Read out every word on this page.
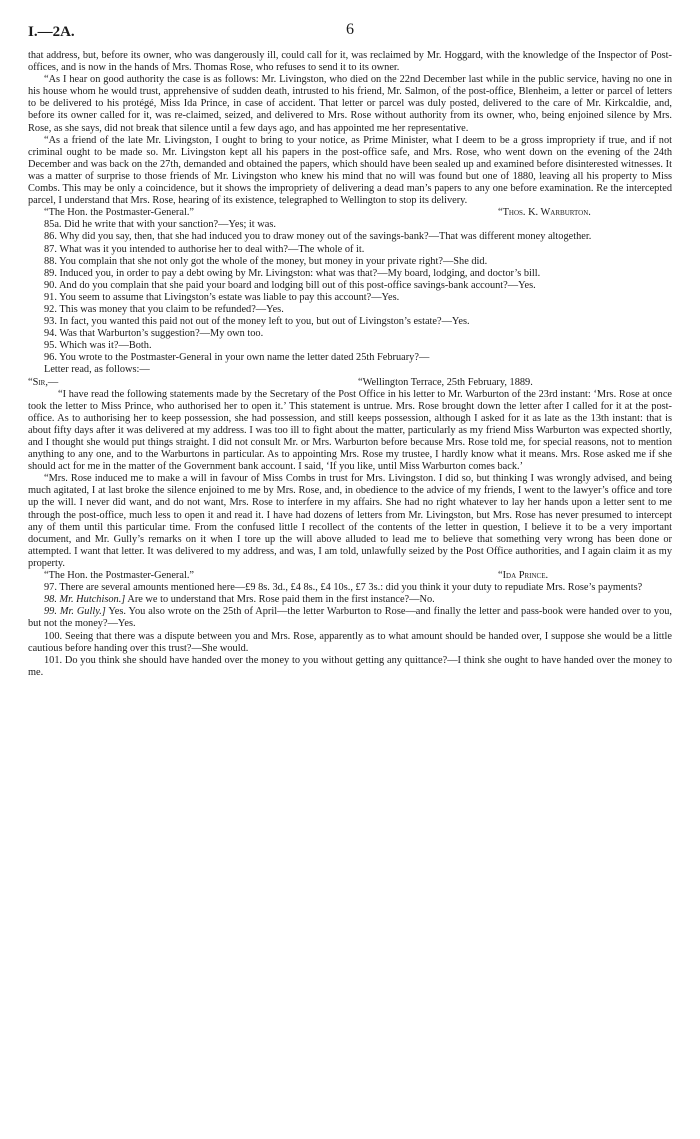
I.—2A.	6

that address, but, before its owner, who was dangerously ill, could call for it, was reclaimed by Mr. Hoggard, with the knowledge of the Inspector of Post-offices, and is now in the hands of Mrs. Thomas Rose, who refuses to send it to its owner.

“As I hear on good authority the case is as follows: Mr. Livingston, who died on the 22nd December last while in the public service, having no one in his house whom he would trust, apprehensive of sudden death, intrusted to his friend, Mr. Salmon, of the post-office, Blenheim, a letter or parcel of letters to be delivered to his protégé, Miss Ida Prince, in case of accident. That letter or parcel was duly posted, delivered to the care of Mr. Kirkcaldie, and, before its owner called for it, was re-claimed, seized, and delivered to Mrs. Rose without authority from its owner, who, being enjoined silence by Mrs. Rose, as she says, did not break that silence until a few days ago, and has appointed me her representative.

“As a friend of the late Mr. Livingston, I ought to bring to your notice, as Prime Minister, what I deem to be a gross impropriety if true, and if not criminal ought to be made so. Mr. Livingston kept all his papers in the post-office safe, and Mrs. Rose, who went down on the evening of the 24th December and was back on the 27th, demanded and obtained the papers, which should have been sealed up and examined before disinterested witnesses. It was a matter of surprise to those friends of Mr. Livingston who knew his mind that no will was found but one of 1880, leaving all his property to Miss Combs. This may be only a coincidence, but it shows the impropriety of delivering a dead man’s papers to any one before examination. Re the intercepted parcel, I understand that Mrs. Rose, hearing of its existence, telegraphed to Wellington to stop its delivery.

“The Hon. the Postmaster-General.”	“Thos. K. Warburton.

85a. Did he write that with your sanction?—Yes; it was.

86. Why did you say, then, that she had induced you to draw money out of the savings-bank?—That was different money altogether.

87. What was it you intended to authorise her to deal with?—The whole of it.

88. You complain that she not only got the whole of the money, but money in your private right?—She did.

89. Induced you, in order to pay a debt owing by Mr. Livingston: what was that?—My board, lodging, and doctor’s bill.

90. And do you complain that she paid your board and lodging bill out of this post-office savings-bank account?—Yes.

91. You seem to assume that Livingston’s estate was liable to pay this account?—Yes.

92. This was money that you claim to be refunded?—Yes.

93. In fact, you wanted this paid not out of the money left to you, but out of Livingston’s estate?—Yes.

94. Was that Warburton’s suggestion?—My own too.

95. Which was it?—Both.

96. You wrote to the Postmaster-General in your own name the letter dated 25th February?—

Letter read, as follows:—

“Sir,—	“Wellington Terrace, 25th February, 1889.

“I have read the following statements made by the Secretary of the Post Office in his letter to Mr. Warburton of the 23rd instant: ‘Mrs. Rose at once took the letter to Miss Prince, who authorised her to open it.’ This statement is untrue. Mrs. Rose brought down the letter after I called for it at the post-office. As to authorising her to keep possession, she had possession, and still keeps possession, although I asked for it as late as the 13th instant: that is about fifty days after it was delivered at my address. I was too ill to fight about the matter, particularly as my friend Miss Warburton was expected shortly, and I thought she would put things straight. I did not consult Mr. or Mrs. Warburton before because Mrs. Rose told me, for special reasons, not to mention anything to any one, and to the Warburtons in particular. As to appointing Mrs. Rose my trustee, I hardly know what it means. Mrs. Rose asked me if she should act for me in the matter of the Government bank account. I said, ‘If you like, until Miss Warburton comes back.’

“Mrs. Rose induced me to make a will in favour of Miss Combs in trust for Mrs. Livingston. I did so, but thinking I was wrongly advised, and being much agitated, I at last broke the silence enjoined to me by Mrs. Rose, and, in obedience to the advice of my friends, I went to the lawyer’s office and tore up the will. I never did want, and do not want, Mrs. Rose to interfere in my affairs. She had no right whatever to lay her hands upon a letter sent to me through the post-office, much less to open it and read it. I have had dozens of letters from Mr. Livingston, but Mrs. Rose has never presumed to intercept any of them until this particular time. From the confused little I recollect of the contents of the letter in question, I believe it to be a very important document, and Mr. Gully’s remarks on it when I tore up the will above alluded to lead me to believe that something very wrong has been done or attempted. I want that letter. It was delivered to my address, and was, I am told, unlawfully seized by the Post Office authorities, and I again claim it as my property.

“The Hon. the Postmaster-General.”	“Ida Prince.

97. There are several amounts mentioned here—£9 8s. 3d., £4 8s., £4 10s., £7 3s.: did you think it your duty to repudiate Mrs. Rose’s payments?

98. Mr. Hutchison.] Are we to understand that Mrs. Rose paid them in the first instance?—No.

99. Mr. Gully.] Yes. You also wrote on the 25th of April—the letter Warburton to Rose—and finally the letter and pass-book were handed over to you, but not the money?—Yes.

100. Seeing that there was a dispute between you and Mrs. Rose, apparently as to what amount should be handed over, I suppose she would be a little cautious before handing over this trust?—She would.

101. Do you think she should have handed over the money to you without getting any quittance?—I think she ought to have handed over the money to me.
